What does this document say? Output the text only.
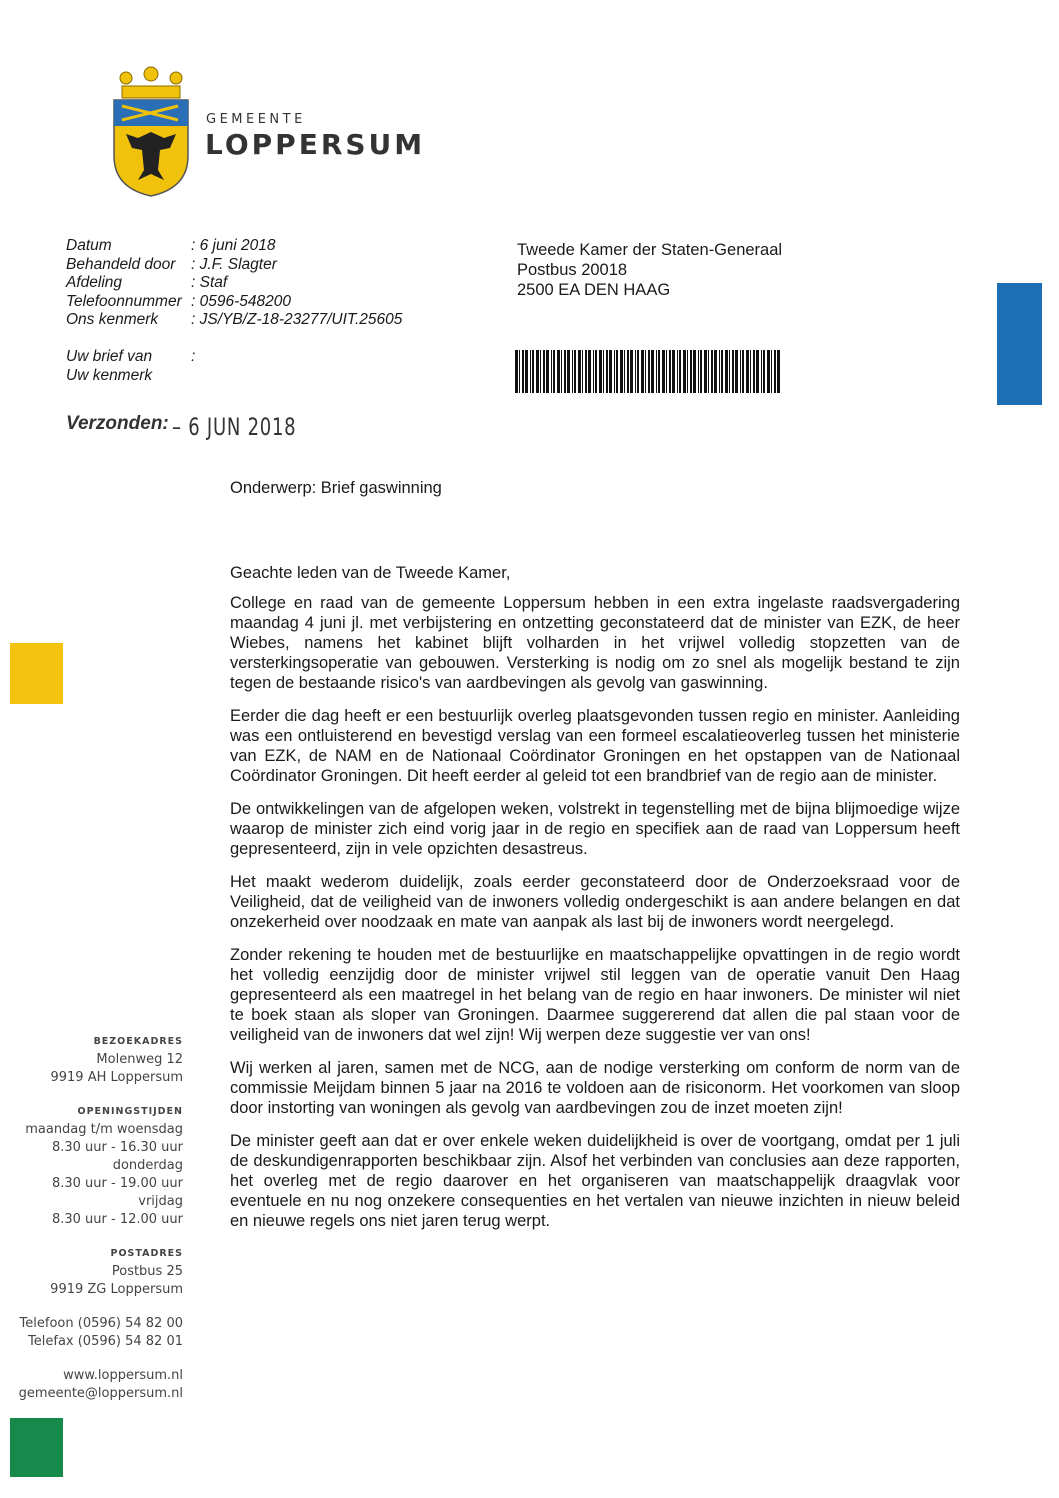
GEMEENTE
LOPPERSUM
Datum	: 6 juni 2018
Behandeld door	: J.F. Slagter
Afdeling	: Staf
Telefoonnummer : 0596-548200
Ons kenmerk	: JS/YB/Z-18-23277/UIT.25605
Uw brief van	:
Uw kenmerk
Verzonden: – 6 JUN 2018
Tweede Kamer der Staten-Generaal
Postbus 20018
2500 EA DEN HAAG
Onderwerp: Brief gaswinning

Geachte leden van de Tweede Kamer,

College en raad van de gemeente Loppersum hebben in een extra ingelaste raadsvergadering maandag 4 juni jl. met verbijstering en ontzetting geconstateerd dat de minister van EZK, de heer Wiebes, namens het kabinet blijft volharden in het vrijwel volledig stopzetten van de versterkingsoperatie van gebouwen. Versterking is nodig om zo snel als mogelijk bestand te zijn tegen de bestaande risico's van aardbevingen als gevolg van gaswinning.

Eerder die dag heeft er een bestuurlijk overleg plaatsgevonden tussen regio en minister. Aanleiding was een ontluisterend en bevestigd verslag van een formeel escalatieoverleg tussen het ministerie van EZK, de NAM en de Nationaal Coördinator Groningen en het opstappen van de Nationaal Coördinator Groningen. Dit heeft eerder al geleid tot een brandbrief van de regio aan de minister.

De ontwikkelingen van de afgelopen weken, volstrekt in tegenstelling met de bijna blijmoedige wijze waarop de minister zich eind vorig jaar in de regio en specifiek aan de raad van Loppersum heeft gepresenteerd, zijn in vele opzichten desastreus.

Het maakt wederom duidelijk, zoals eerder geconstateerd door de Onderzoeksraad voor de Veiligheid, dat de veiligheid van de inwoners volledig ondergeschikt is aan andere belangen en dat onzekerheid over noodzaak en mate van aanpak als last bij de inwoners wordt neergelegd.

Zonder rekening te houden met de bestuurlijke en maatschappelijke opvattingen in de regio wordt het volledig eenzijdig door de minister vrijwel stil leggen van de operatie vanuit Den Haag gepresenteerd als een maatregel in het belang van de regio en haar inwoners. De minister wil niet te boek staan als sloper van Groningen. Daarmee suggererend dat allen die pal staan voor de veiligheid van de inwoners dat wel zijn! Wij werpen deze suggestie ver van ons!

Wij werken al jaren, samen met de NCG, aan de nodige versterking om conform de norm van de commissie Meijdam binnen 5 jaar na 2016 te voldoen aan de risiconorm. Het voorkomen van sloop door instorting van woningen als gevolg van aardbevingen zou de inzet moeten zijn!

De minister geeft aan dat er over enkele weken duidelijkheid is over de voortgang, omdat per 1 juli de deskundigenrapporten beschikbaar zijn. Alsof het verbinden van conclusies aan deze rapporten, het overleg met de regio daarover en het organiseren van maatschappelijk draagvlak voor eventuele en nu nog onzekere consequenties en het vertalen van nieuwe inzichten in nieuw beleid en nieuwe regels ons niet jaren terug werpt.

BEZOEKADRES
Molenweg 12
9919 AH Loppersum
OPENINGSTIJDEN
maandag t/m woensdag
8.30 uur - 16.30 uur
donderdag
8.30 uur - 19.00 uur
vrijdag
8.30 uur - 12.00 uur
POSTADRES
Postbus 25
9919 ZG Loppersum
Telefoon (0596) 54 82 00
Telefax (0596) 54 82 01
www.loppersum.nl
gemeente@loppersum.nl
